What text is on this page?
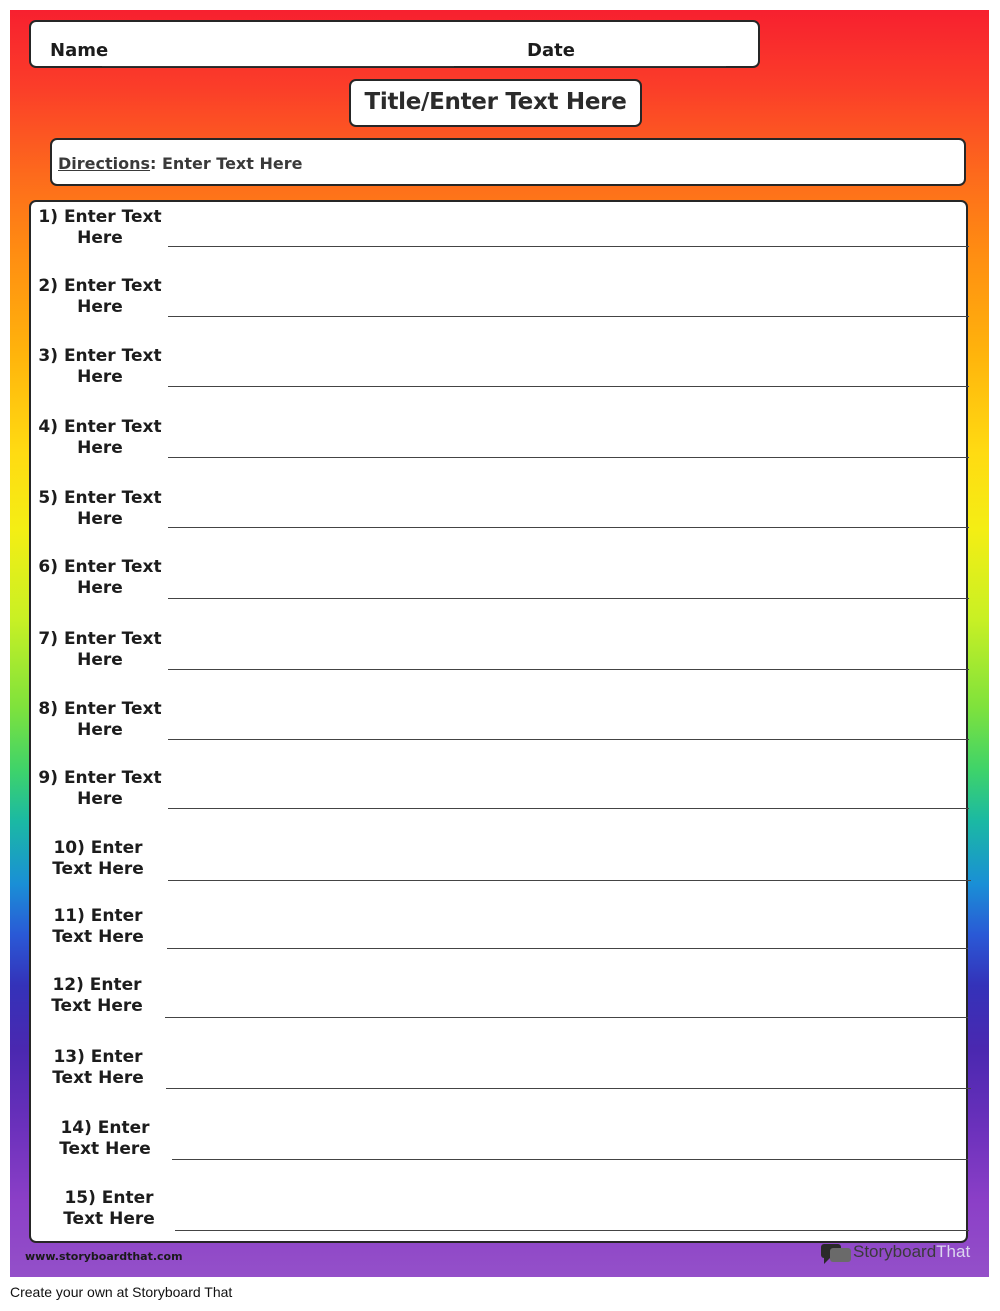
Name	Date
Title/Enter Text Here
Directions: Enter Text Here
1) Enter Text Here
2) Enter Text Here
3) Enter Text Here
4) Enter Text Here
5) Enter Text Here
6) Enter Text Here
7) Enter Text Here
8) Enter Text Here
9) Enter Text Here
10) Enter Text Here
11) Enter Text Here
12) Enter Text Here
13) Enter Text Here
14) Enter Text Here
15) Enter Text Here
www.storyboardthat.com	StoryboardThat
Create your own at Storyboard That
